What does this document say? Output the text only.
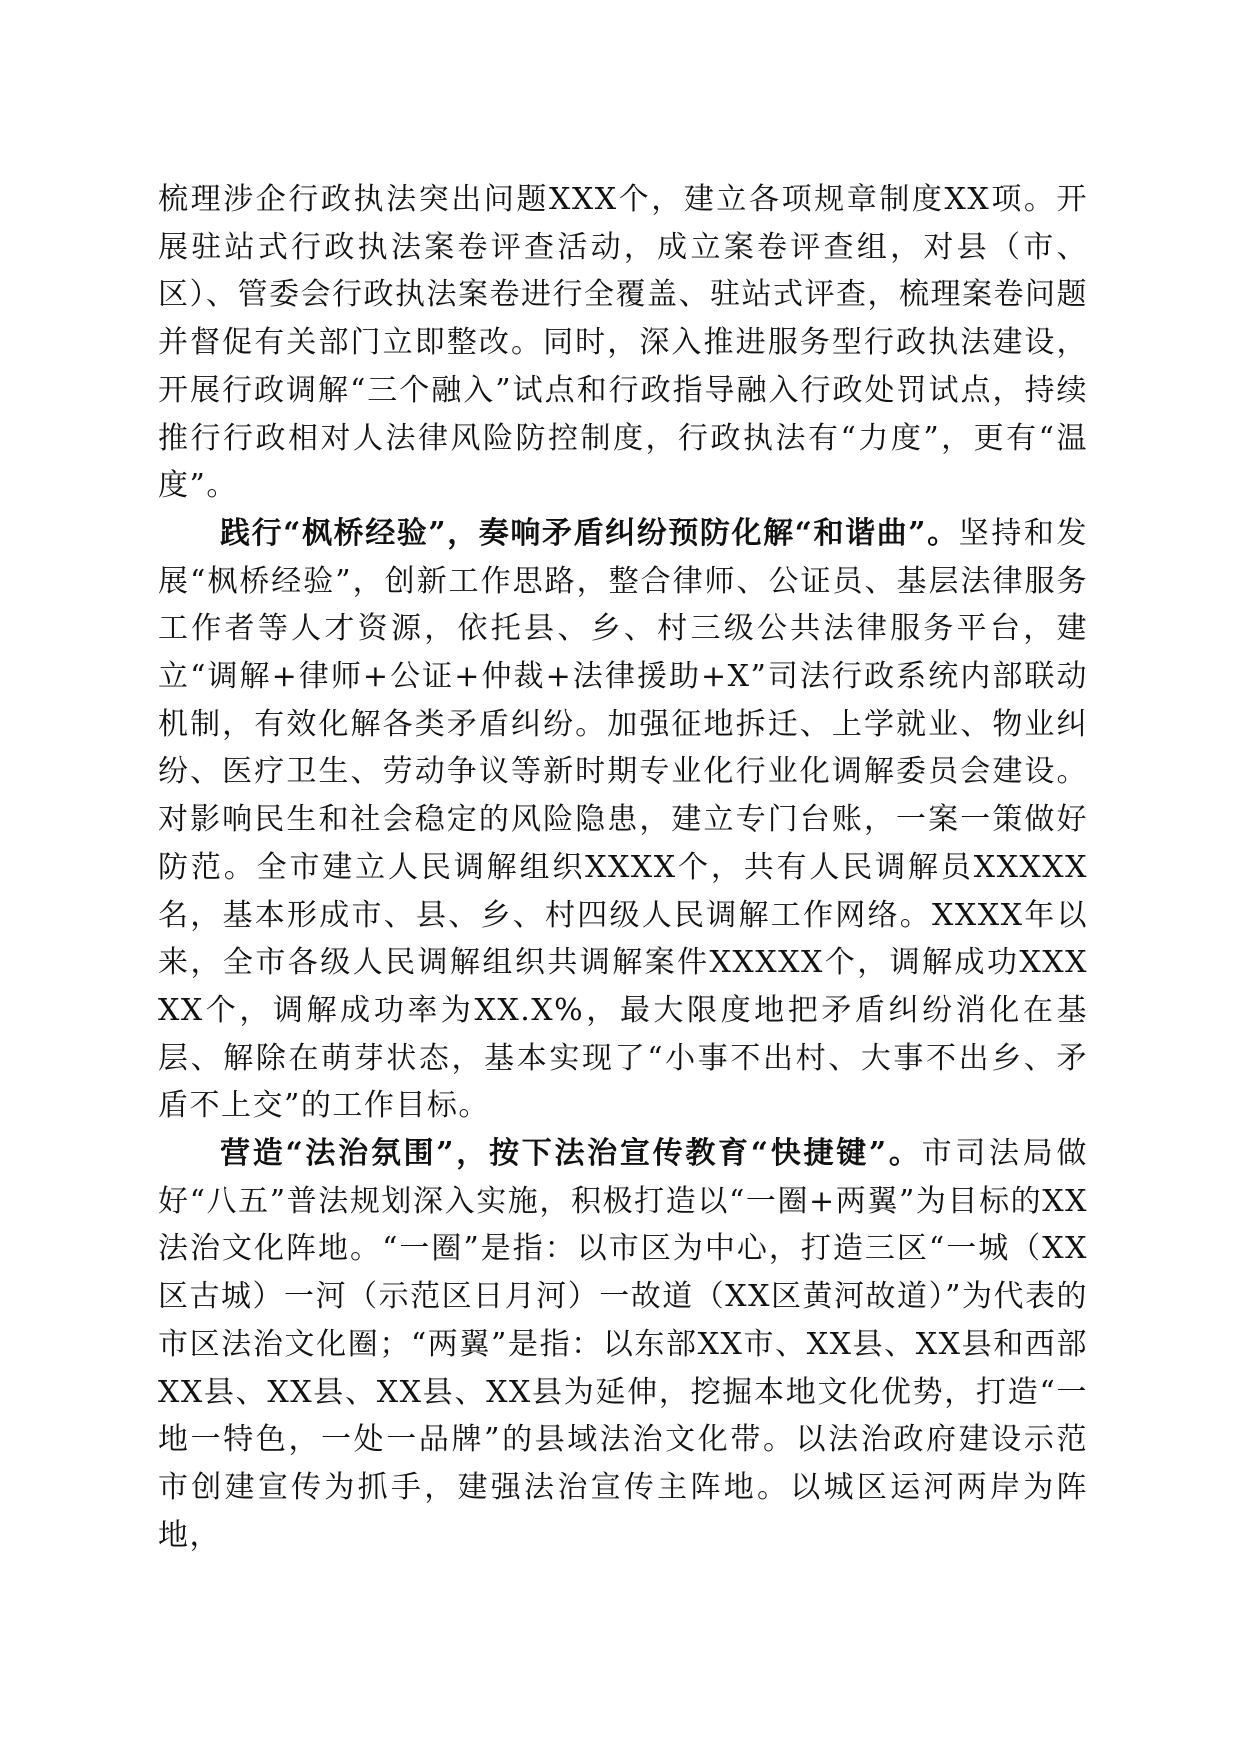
梳理涉企行政执法突出问题XXX个，建立各项规章制度XX项。开展驻站式行政执法案卷评查活动，成立案卷评查组，对县（市、区）、管委会行政执法案卷进行全覆盖、驻站式评查，梳理案卷问题并督促有关部门立即整改。同时，深入推进服务型行政执法建设，开展行政调解“三个融入”试点和行政指导融入行政处罚试点，持续推行行政相对人法律风险防控制度，行政执法有“力度”，更有“温度”。

践行“枫桥经验”，奏响矛盾纠纷预防化解“和谐曲”。坚持和发展“枫桥经验”，创新工作思路，整合律师、公证员、基层法律服务工作者等人才资源，依托县、乡、村三级公共法律服务平台，建立“调解+律师+公证+仲裁+法律援助+X”司法行政系统内部联动机制，有效化解各类矛盾纠纷。加强征地拆迁、上学就业、物业纠纷、医疗卫生、劳动争议等新时期专业化行业化调解委员会建设。对影响民生和社会稳定的风险隐患，建立专门台账，一案一策做好防范。全市建立人民调解组织XXXX个，共有人民调解员XXXXX名，基本形成市、县、乡、村四级人民调解工作网络。XXXX年以来，全市各级人民调解组织共调解案件XXXXX个，调解成功XXXXX个，调解成功率为XX.X%，最大限度地把矛盾纠纷消化在基层、解除在萌芽状态，基本实现了“小事不出村、大事不出乡、矛盾不上交”的工作目标。

营造“法治氛围”，按下法治宣传教育“快捷键”。市司法局做好“八五”普法规划深入实施，积极打造以“一圈+两翼”为目标的XX法治文化阵地。“一圈”是指：以市区为中心，打造三区“一城（XX区古城）一河（示范区日月河）一故道（XX区黄河故道）”为代表的市区法治文化圈；“两翼”是指：以东部XX市、XX县、XX县和西部XX县、XX县、XX县、XX县为延伸，挖掘本地文化优势，打造“一地一特色，一处一品牌”的县域法治文化带。以法治政府建设示范市创建宣传为抓手，建强法治宣传主阵地。以城区运河两岸为阵地，
